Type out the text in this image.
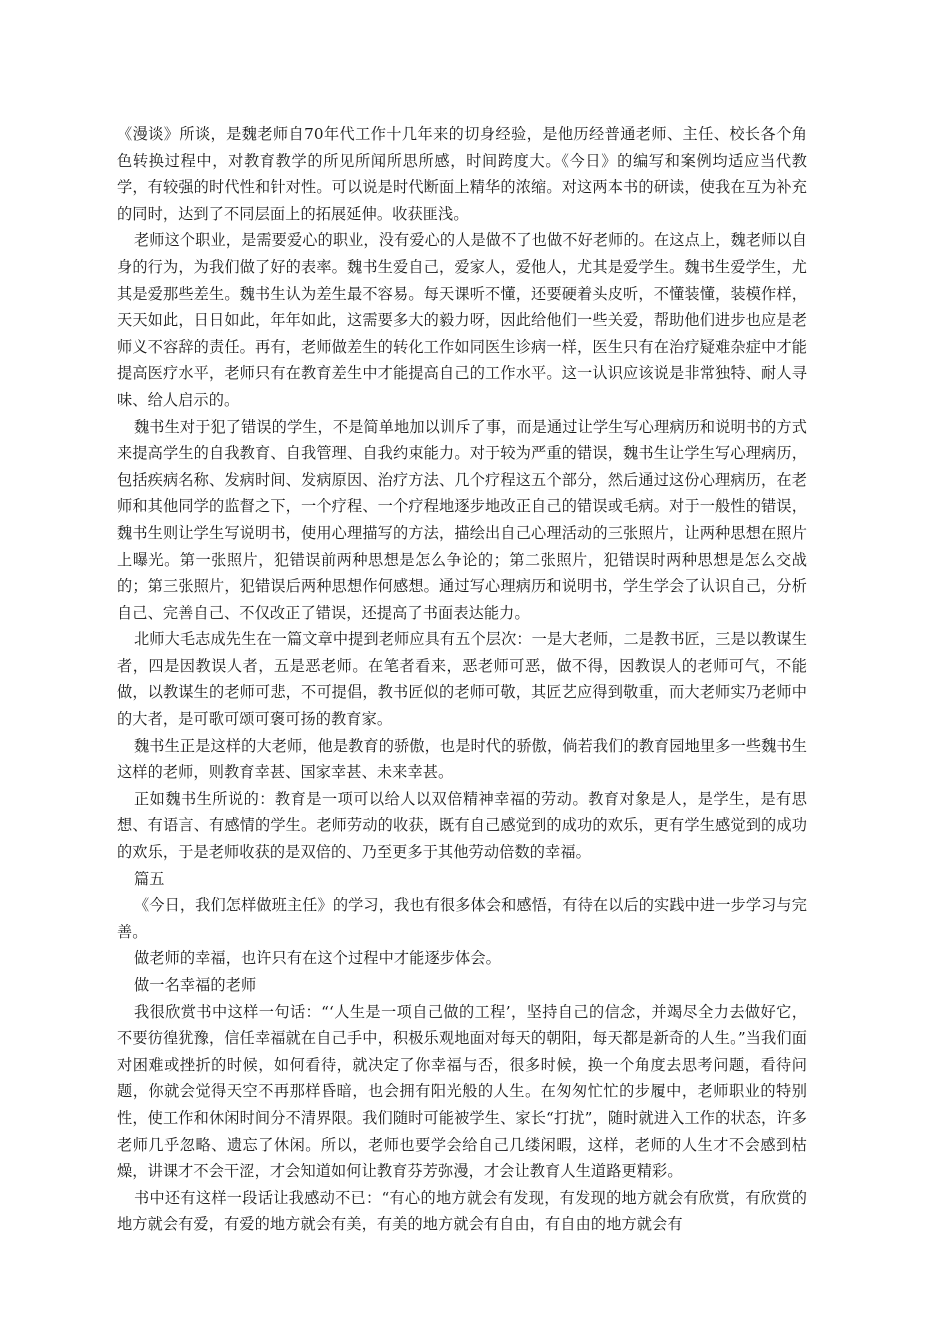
《漫谈》所谈，是魏老师自70年代工作十几年来的切身经验，是他历经普通老师、主任、校长各个角色转换过程中，对教育教学的所见所闻所思所感，时间跨度大。《今日》的编写和案例均适应当代教学，有较强的时代性和针对性。可以说是时代断面上精华的浓缩。对这两本书的研读，使我在互为补充的同时，达到了不同层面上的拓展延伸。收获匪浅。

老师这个职业，是需要爱心的职业，没有爱心的人是做不了也做不好老师的。在这点上，魏老师以自身的行为，为我们做了好的表率。魏书生爱自己，爱家人，爱他人，尤其是爱学生。魏书生爱学生，尤其是爱那些差生。魏书生认为差生最不容易。每天课听不懂，还要硬着头皮听，不懂装懂，装模作样，天天如此，日日如此，年年如此，这需要多大的毅力呀，因此给他们一些关爱，帮助他们进步也应是老师义不容辞的责任。再有，老师做差生的转化工作如同医生诊病一样，医生只有在治疗疑难杂症中才能提高医疗水平，老师只有在教育差生中才能提高自己的工作水平。这一认识应该说是非常独特、耐人寻味、给人启示的。

魏书生对于犯了错误的学生，不是简单地加以训斥了事，而是通过让学生写心理病历和说明书的方式来提高学生的自我教育、自我管理、自我约束能力。对于较为严重的错误，魏书生让学生写心理病历，包括疾病名称、发病时间、发病原因、治疗方法、几个疗程这五个部分，然后通过这份心理病历，在老师和其他同学的监督之下，一个疗程、一个疗程地逐步地改正自己的错误或毛病。对于一般性的错误，魏书生则让学生写说明书，使用心理描写的方法，描绘出自己心理活动的三张照片，让两种思想在照片上曝光。第一张照片，犯错误前两种思想是怎么争论的；第二张照片，犯错误时两种思想是怎么交战的；第三张照片，犯错误后两种思想作何感想。通过写心理病历和说明书，学生学会了认识自己，分析自己、完善自己、不仅改正了错误，还提高了书面表达能力。

北师大毛志成先生在一篇文章中提到老师应具有五个层次：一是大老师，二是教书匠，三是以教谋生者，四是因教误人者，五是恶老师。在笔者看来，恶老师可恶，做不得，因教误人的老师可气，不能做，以教谋生的老师可悲，不可提倡，教书匠似的老师可敬，其匠艺应得到敬重，而大老师实乃老师中的大者，是可歌可颂可褒可扬的教育家。

魏书生正是这样的大老师，他是教育的骄傲，也是时代的骄傲，倘若我们的教育园地里多一些魏书生这样的老师，则教育幸甚、国家幸甚、未来幸甚。

正如魏书生所说的：教育是一项可以给人以双倍精神幸福的劳动。教育对象是人，是学生，是有思想、有语言、有感情的学生。老师劳动的收获，既有自己感觉到的成功的欢乐，更有学生感觉到的成功的欢乐，于是老师收获的是双倍的、乃至更多于其他劳动倍数的幸福。

篇五

《今日，我们怎样做班主任》的学习，我也有很多体会和感悟，有待在以后的实践中进一步学习与完善。

做老师的幸福，也许只有在这个过程中才能逐步体会。

做一名幸福的老师

我很欣赏书中这样一句话：“‘人生是一项自己做的工程’，坚持自己的信念，并竭尽全力去做好它，不要彷徨犹豫，信任幸福就在自己手中，积极乐观地面对每天的朝阳，每天都是新奇的人生。”当我们面对困难或挫折的时候，如何看待，就决定了你幸福与否，很多时候，换一个角度去思考问题，看待问题，你就会觉得天空不再那样昏暗，也会拥有阳光般的人生。在匆匆忙忙的步履中，老师职业的特别性，使工作和休闲时间分不清界限。我们随时可能被学生、家长“打扰”，随时就进入工作的状态，许多老师几乎忽略、遗忘了休闲。所以，老师也要学会给自己几缕闲暇，这样，老师的人生才不会感到枯燥，讲课才不会干涩，才会知道如何让教育芬芳弥漫，才会让教育人生道路更精彩。

书中还有这样一段话让我感动不已：“有心的地方就会有发现，有发现的地方就会有欣赏，有欣赏的地方就会有爱，有爱的地方就会有美，有美的地方就会有自由，有自由的地方就会有
